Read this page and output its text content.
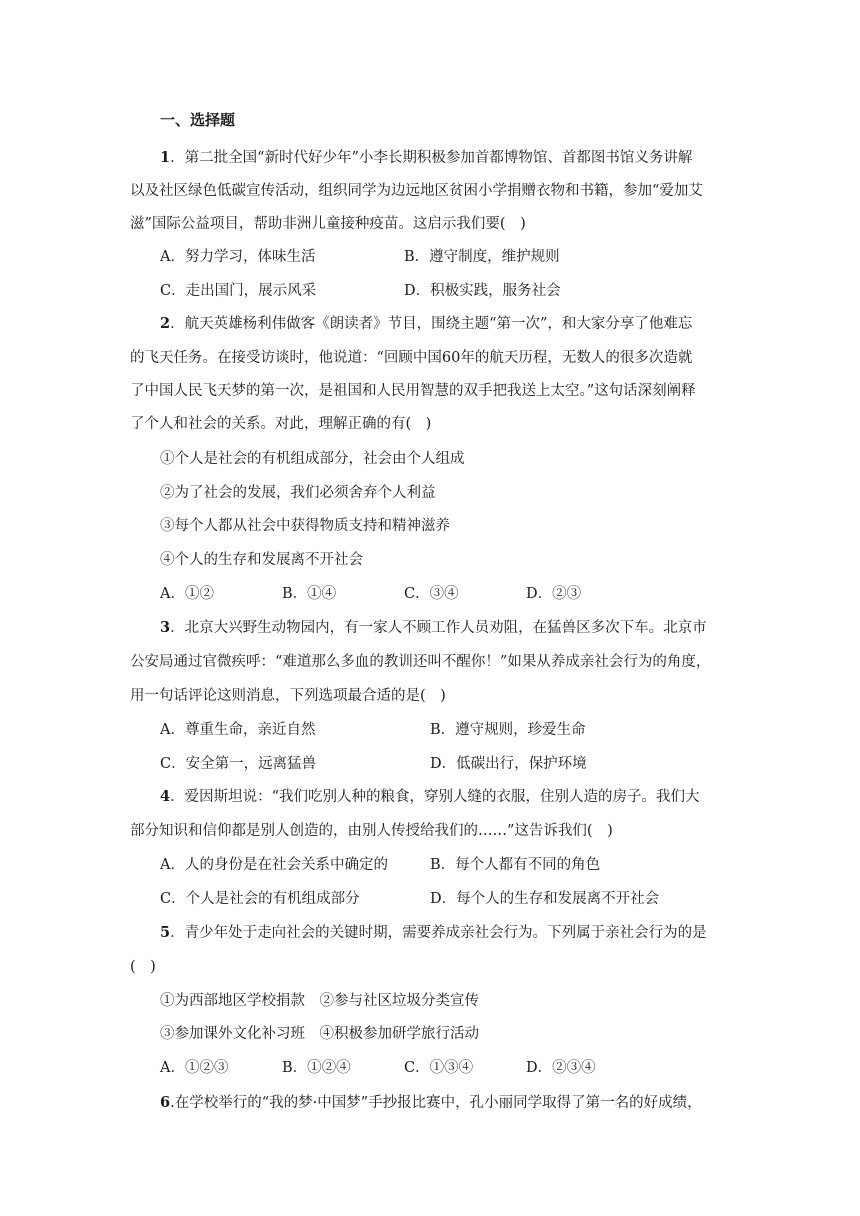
一、选择题
1．第二批全国“新时代好少年”小李长期积极参加首都博物馆、首都图书馆义务讲解
以及社区绿色低碳宣传活动，组织同学为边远地区贫困小学捐赠衣物和书籍，参加“爱加艾
滋”国际公益项目，帮助非洲儿童接种疫苗。这启示我们要(　)
A．努力学习，体味生活	B．遵守制度，维护规则
C．走出国门，展示风采	D．积极实践，服务社会
2．航天英雄杨利伟做客《朗读者》节目，围绕主题“第一次”，和大家分享了他难忘
的飞天任务。在接受访谈时，他说道：“回顾中国60年的航天历程，无数人的很多次造就
了中国人民飞天梦的第一次，是祖国和人民用智慧的双手把我送上太空。”这句话深刻阐释
了个人和社会的关系。对此，理解正确的有(　)
①个人是社会的有机组成部分，社会由个人组成
②为了社会的发展，我们必须舍弃个人利益
③每个人都从社会中获得物质支持和精神滋养
④个人的生存和发展离不开社会
A．①②	B．①④	C．③④	D．②③
3．北京大兴野生动物园内，有一家人不顾工作人员劝阻，在猛兽区多次下车。北京市
公安局通过官微疾呼：“难道那么多血的教训还叫不醒你！”如果从养成亲社会行为的角度，
用一句话评论这则消息，下列选项最合适的是(　)
A．尊重生命，亲近自然	B．遵守规则，珍爱生命
C．安全第一，远离猛兽	D．低碳出行，保护环境
4．爱因斯坦说：“我们吃别人种的粮食，穿别人缝的衣服，住别人造的房子。我们大
部分知识和信仰都是别人创造的，由别人传授给我们的……”这告诉我们(　)
A．人的身份是在社会关系中确定的	B．每个人都有不同的角色
C．个人是社会的有机组成部分	D．每个人的生存和发展离不开社会
5．青少年处于走向社会的关键时期，需要养成亲社会行为。下列属于亲社会行为的是
(　)
①为西部地区学校捐款　②参与社区垃圾分类宣传
③参加课外文化补习班　④积极参加研学旅行活动
A．①②③	B．①②④	C．①③④	D．②③④
6.在学校举行的“我的梦·中国梦”手抄报比赛中，孔小丽同学取得了第一名的好成绩，
